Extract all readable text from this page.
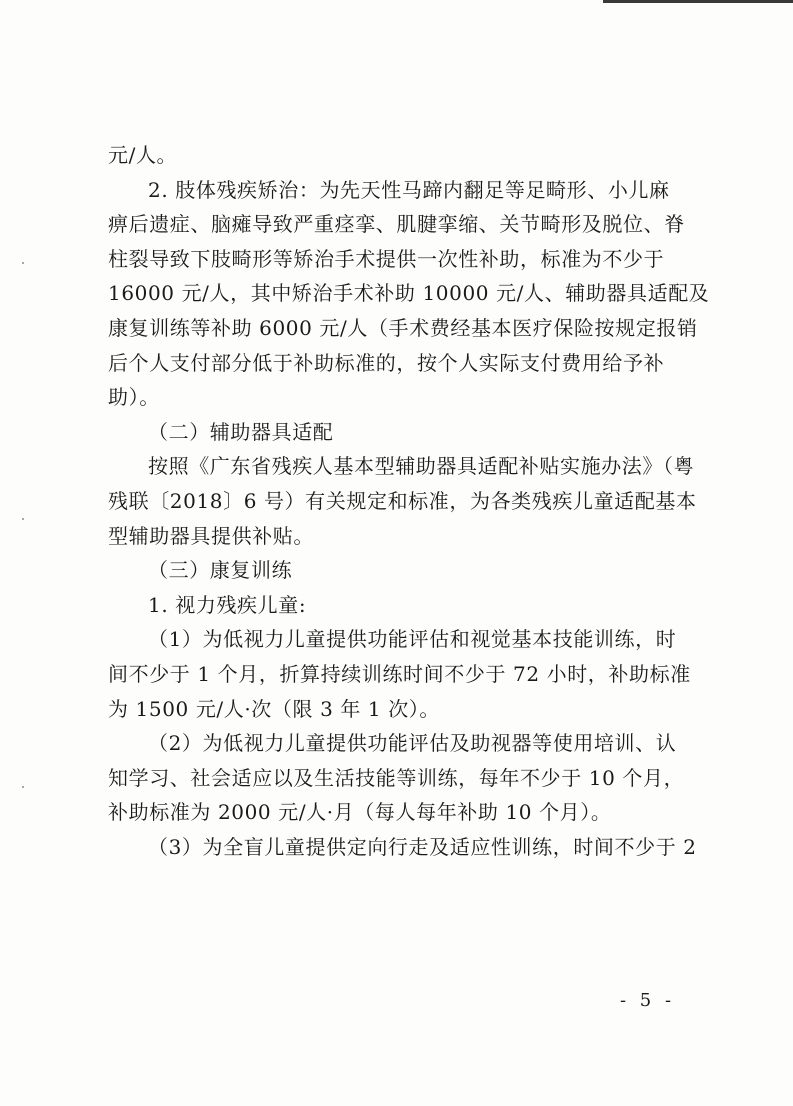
元/人。
2. 肢体残疾矫治：为先天性马蹄内翻足等足畸形、小儿麻
痹后遗症、脑瘫导致严重痉挛、肌腱挛缩、关节畸形及脱位、脊
柱裂导致下肢畸形等矫治手术提供一次性补助，标准为不少于
16000 元/人，其中矫治手术补助 10000 元/人、辅助器具适配及
康复训练等补助 6000 元/人（手术费经基本医疗保险按规定报销
后个人支付部分低于补助标准的，按个人实际支付费用给予补
助）。
（二）辅助器具适配
按照《广东省残疾人基本型辅助器具适配补贴实施办法》（粤
残联〔2018〕6 号）有关规定和标准，为各类残疾儿童适配基本
型辅助器具提供补贴。
（三）康复训练
1. 视力残疾儿童:
（1）为低视力儿童提供功能评估和视觉基本技能训练，时
间不少于 1 个月，折算持续训练时间不少于 72 小时，补助标准
为 1500 元/人·次（限 3 年 1 次）。
（2）为低视力儿童提供功能评估及助视器等使用培训、认
知学习、社会适应以及生活技能等训练，每年不少于 10 个月，
补助标准为 2000 元/人·月（每人每年补助 10 个月）。
（3）为全盲儿童提供定向行走及适应性训练，时间不少于 2
- 5 -
